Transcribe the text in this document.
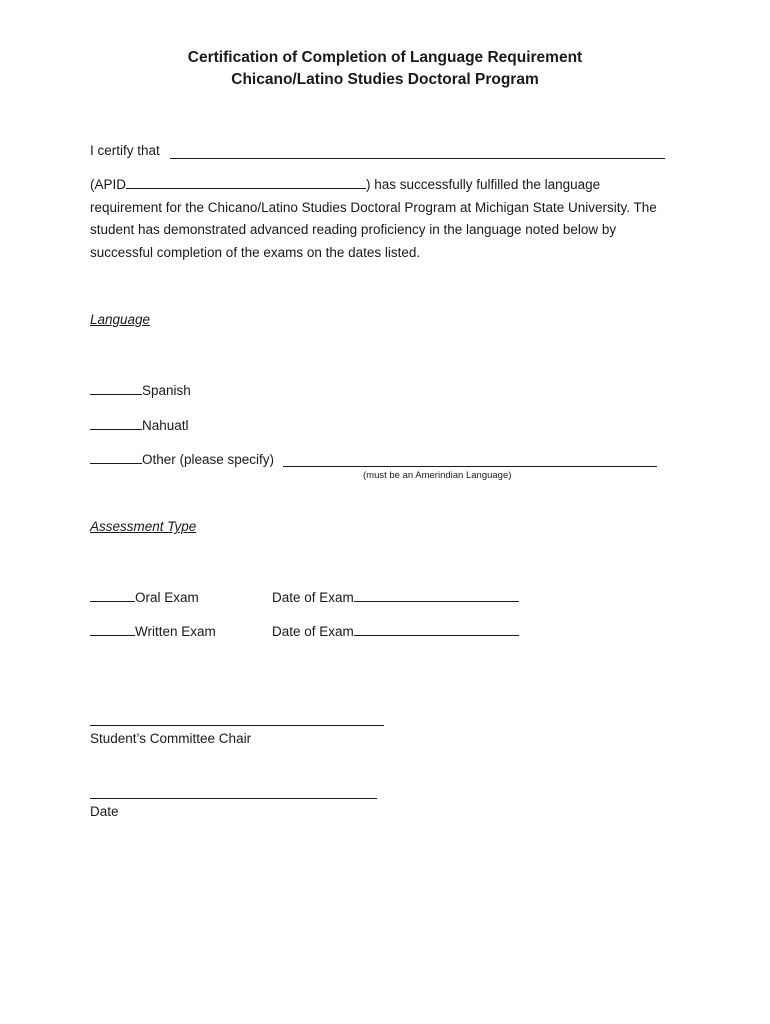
Certification of Completion of Language Requirement
Chicano/Latino Studies Doctoral Program
I certify that
(APID	) has successfully fulfilled the language
requirement for the Chicano/Latino Studies Doctoral Program at Michigan State University. The
student has demonstrated advanced reading proficiency in the language noted below by
successful completion of the exams on the dates listed.
Language
Spanish
Nahuatl
Other (please specify)
(must be an Amerindian Language)
Assessment Type
Oral Exam	Date of Exam
Written Exam	Date of Exam
Student’s Committee Chair
Date
